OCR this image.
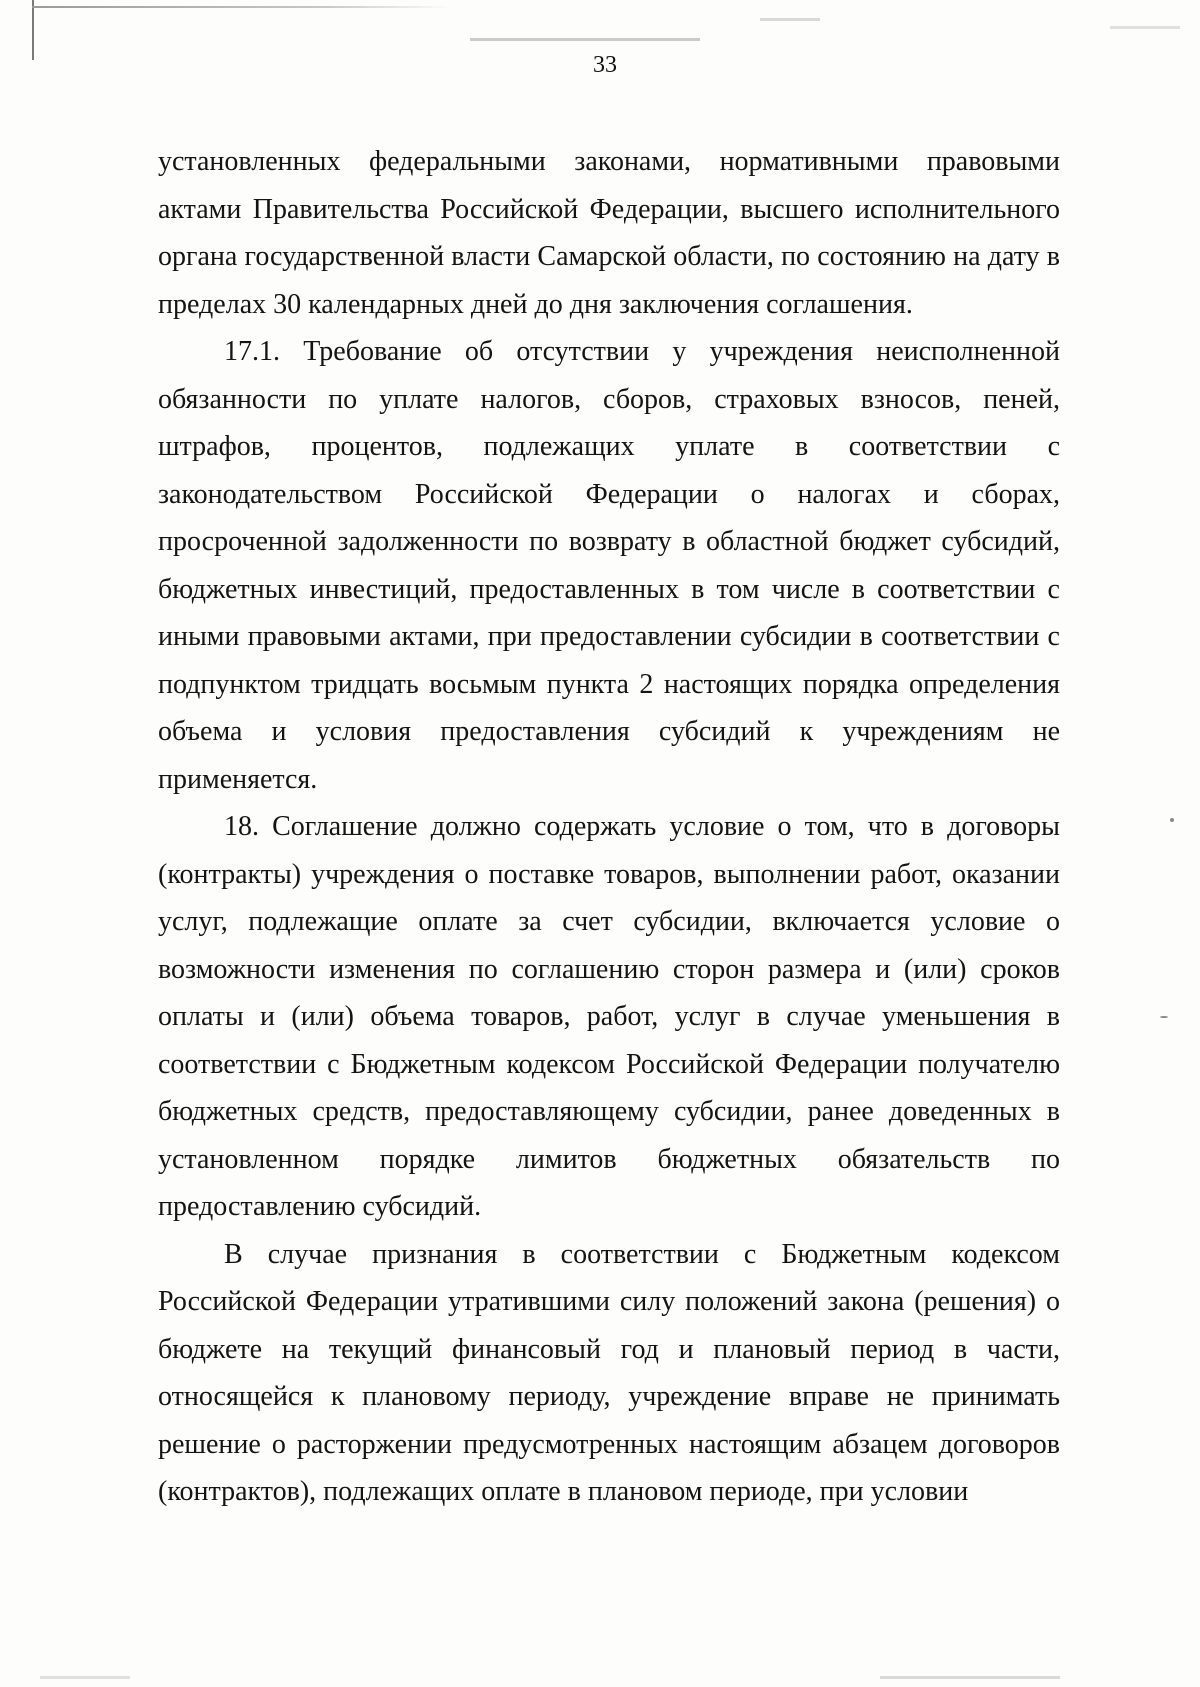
33

установленных федеральными законами, нормативными правовыми актами Правительства Российской Федерации, высшего исполнительного органа государственной власти Самарской области, по состоянию на дату в пределах 30 календарных дней до дня заключения соглашения.

17.1. Требование об отсутствии у учреждения неисполненной обязанности по уплате налогов, сборов, страховых взносов, пеней, штрафов, процентов, подлежащих уплате в соответствии с законодательством Российской Федерации о налогах и сборах, просроченной задолженности по возврату в областной бюджет субсидий, бюджетных инвестиций, предоставленных в том числе в соответствии с иными правовыми актами, при предоставлении субсидии в соответствии с подпунктом тридцать восьмым пункта 2 настоящих порядка определения объема и условия предоставления субсидий к учреждениям не применяется.

18. Соглашение должно содержать условие о том, что в договоры (контракты) учреждения о поставке товаров, выполнении работ, оказании услуг, подлежащие оплате за счет субсидии, включается условие о возможности изменения по соглашению сторон размера и (или) сроков оплаты и (или) объема товаров, работ, услуг в случае уменьшения в соответствии с Бюджетным кодексом Российской Федерации получателю бюджетных средств, предоставляющему субсидии, ранее доведенных в установленном порядке лимитов бюджетных обязательств по предоставлению субсидий.

В случае признания в соответствии с Бюджетным кодексом Российской Федерации утратившими силу положений закона (решения) о бюджете на текущий финансовый год и плановый период в части, относящейся к плановому периоду, учреждение вправе не принимать решение о расторжении предусмотренных настоящим абзацем договоров (контрактов), подлежащих оплате в плановом периоде, при условии
